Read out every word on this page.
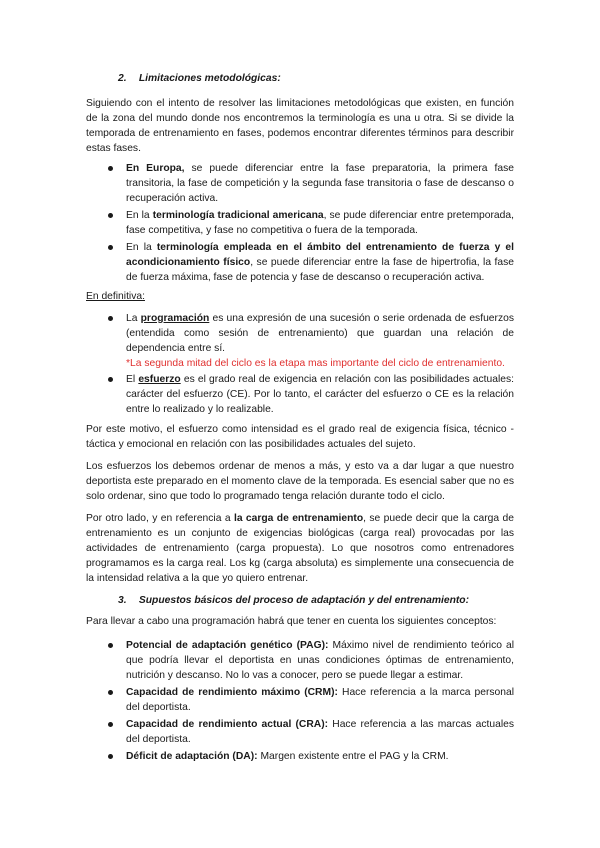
2. Limitaciones metodológicas:

Siguiendo con el intento de resolver las limitaciones metodológicas que existen, en función de la zona del mundo donde nos encontremos la terminología es una u otra. Si se divide la temporada de entrenamiento en fases, podemos encontrar diferentes términos para describir estas fases.

En Europa, se puede diferenciar entre la fase preparatoria, la primera fase transitoria, la fase de competición y la segunda fase transitoria o fase de descanso o recuperación activa.
En la terminología tradicional americana, se pude diferenciar entre pretemporada, fase competitiva, y fase no competitiva o fuera de la temporada.
En la terminología empleada en el ámbito del entrenamiento de fuerza y el acondicionamiento físico, se puede diferenciar entre la fase de hipertrofia, la fase de fuerza máxima, fase de potencia y fase de descanso o recuperación activa.
En definitiva:
La programación es una expresión de una sucesión o serie ordenada de esfuerzos (entendida como sesión de entrenamiento) que guardan una relación de dependencia entre sí.
*La segunda mitad del ciclo es la etapa mas importante del ciclo de entrenamiento.
El esfuerzo es el grado real de exigencia en relación con las posibilidades actuales: carácter del esfuerzo (CE). Por lo tanto, el carácter del esfuerzo o CE es la relación entre lo realizado y lo realizable.

Por este motivo, el esfuerzo como intensidad es el grado real de exigencia física, técnico - táctica y emocional en relación con las posibilidades actuales del sujeto.

Los esfuerzos los debemos ordenar de menos a más, y esto va a dar lugar a que nuestro deportista este preparado en el momento clave de la temporada. Es esencial saber que no es solo ordenar, sino que todo lo programado tenga relación durante todo el ciclo.

Por otro lado, y en referencia a la carga de entrenamiento, se puede decir que la carga de entrenamiento es un conjunto de exigencias biológicas (carga real) provocadas por las actividades de entrenamiento (carga propuesta). Lo que nosotros como entrenadores programamos es la carga real. Los kg (carga absoluta) es simplemente una consecuencia de la intensidad relativa a la que yo quiero entrenar.

3. Supuestos básicos del proceso de adaptación y del entrenamiento:

Para llevar a cabo una programación habrá que tener en cuenta los siguientes conceptos:

Potencial de adaptación genético (PAG): Máximo nivel de rendimiento teórico al que podría llevar el deportista en unas condiciones óptimas de entrenamiento, nutrición y descanso. No lo vas a conocer, pero se puede llegar a estimar.
Capacidad de rendimiento máximo (CRM): Hace referencia a la marca personal del deportista.
Capacidad de rendimiento actual (CRA): Hace referencia a las marcas actuales del deportista.
Déficit de adaptación (DA): Margen existente entre el PAG y la CRM.
